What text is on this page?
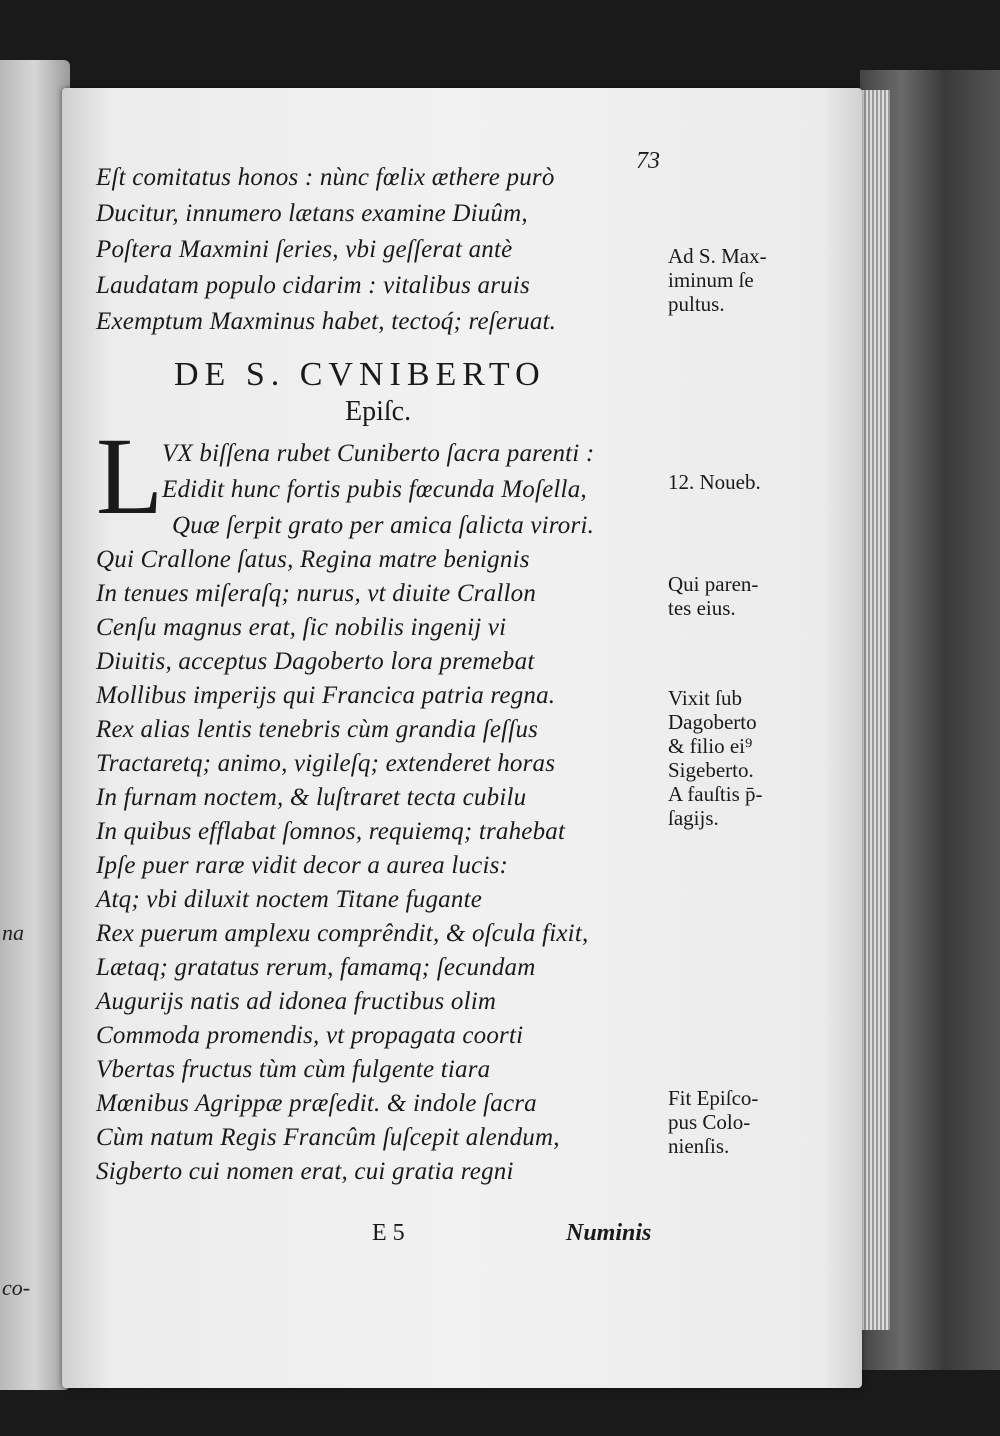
na
co-
73
Eſt comitatus honos : nùnc fœlix æthere purò
Ducitur, innumero lætans examine Diuûm,
Poſtera Maxmini ſeries, vbi geſſerat antè
Laudatam populo cidarim : vitalibus aruis
Exemptum Maxminus habet, tectoq́; reſeruat.
DE S. CVNIBERTO
Epiſc.
L
VX biſſena rubet Cuniberto ſacra parenti :
Edidit hunc fortis pubis fœcunda Moſella,
Quæ ſerpit grato per amica ſalicta virori.
Qui Crallone ſatus, Regina matre benignis
In tenues miſeraſq; nurus, vt diuite Crallon
Cenſu magnus erat, ſic nobilis ingenij vi
Diuitis, acceptus Dagoberto lora premebat
Mollibus imperijs qui Francica patria regna.
Rex alias lentis tenebris cùm grandia ſeſſus
Tractaretq; animo, vigileſq; extenderet horas
In furnam noctem, & luſtraret tecta cubilu
In quibus efflabat ſomnos, requiemq; trahebat
Ipſe puer raræ vidit decor a aurea lucis:
Atq; vbi diluxit noctem Titane fugante
Rex puerum amplexu comprêndit, & oſcula fixit,
Lætaq; gratatus rerum, famamq; ſecundam
Augurijs natis ad idonea fructibus olim
Commoda promendis, vt propagata coorti
Vbertas fructus tùm cùm fulgente tiara
Mœnibus Agrippæ præſedit. & indole ſacra
Cùm natum Regis Francûm ſuſcepit alendum,
Sigberto cui nomen erat, cui gratia regni
Ad S. Max-
iminum ſe
pultus.
12. Noueb.
Qui paren-
tes eius.
Vixit ſub
Dagoberto
& filio ei⁹
Sigeberto.
A fauſtis p̄-
ſagijs.
Fit Epiſco-
pus Colo-
nienſis.
E 5	Numinis
